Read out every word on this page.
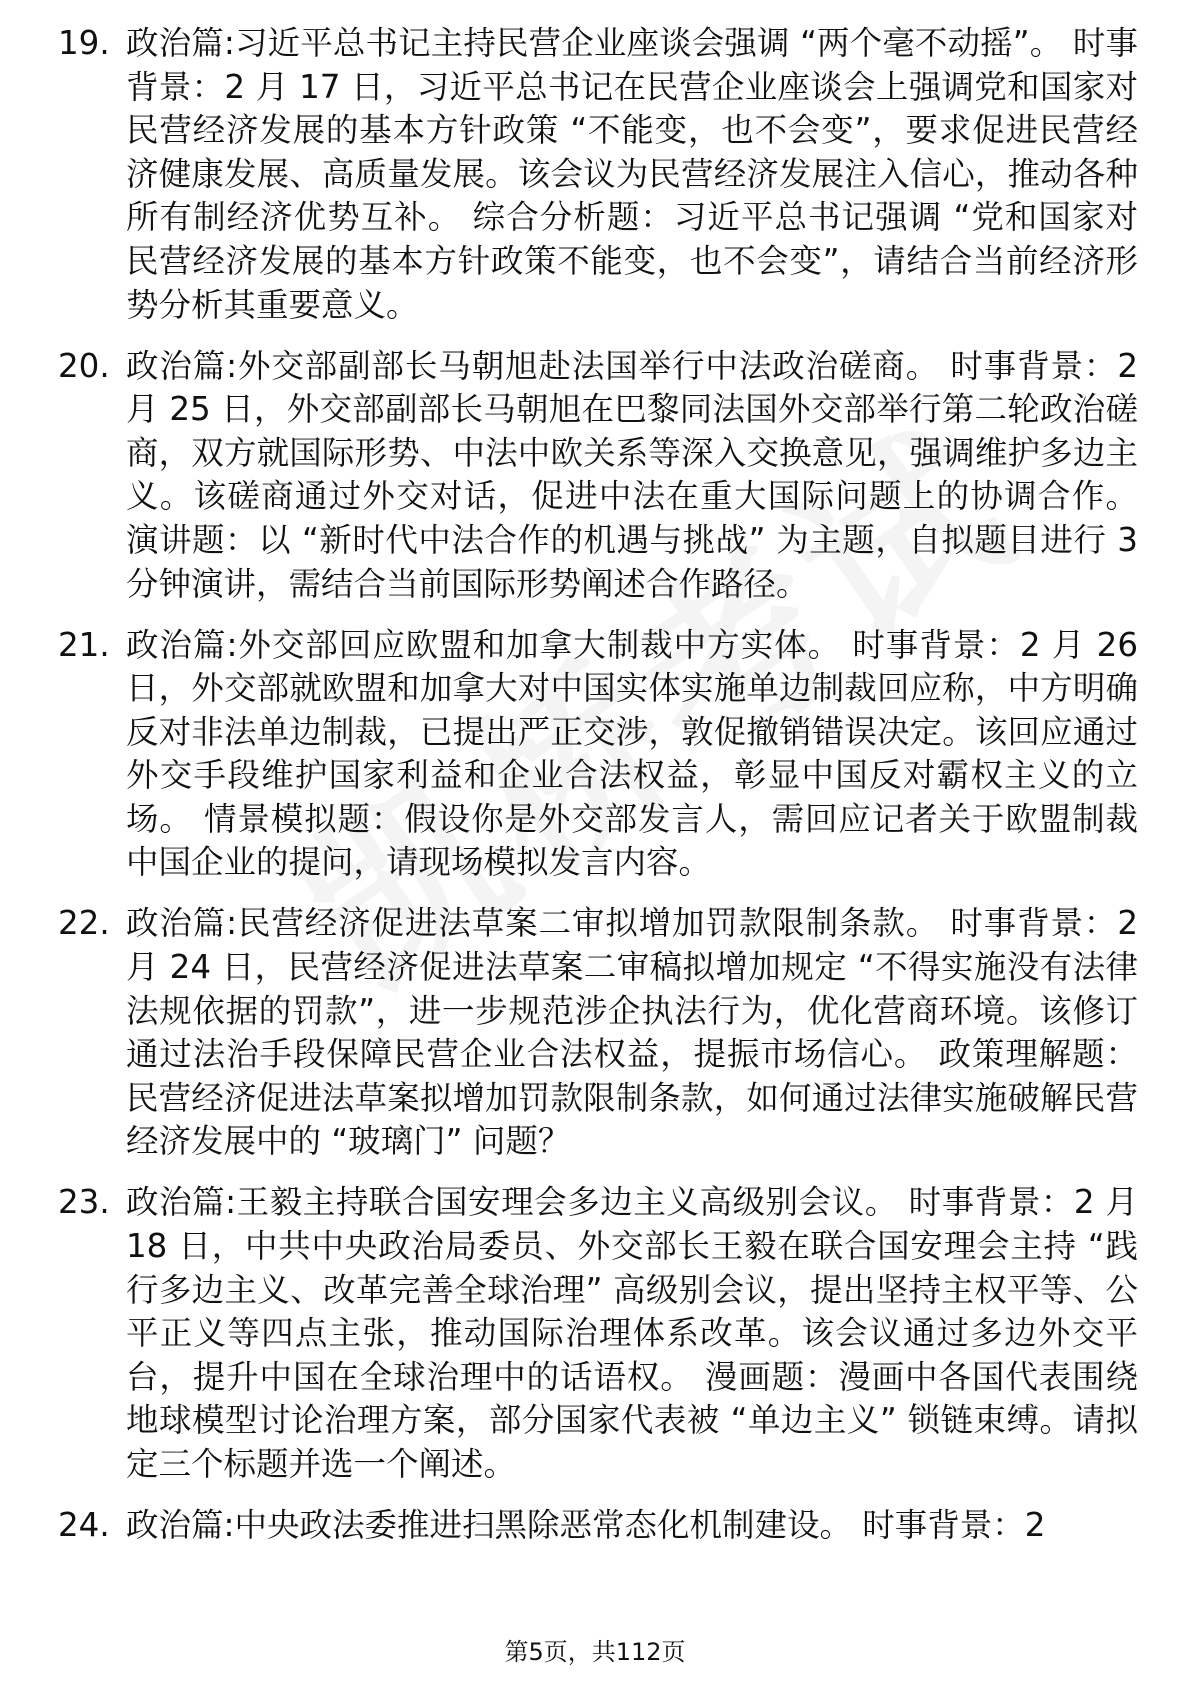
19. 政治篇:习近平总书记主持民营企业座谈会强调 “两个毫不动摇”。 时事背景：2 月 17 日，习近平总书记在民营企业座谈会上强调党和国家对民营经济发展的基本方针政策 “不能变，也不会变”，要求促进民营经济健康发展、高质量发展。该会议为民营经济发展注入信心，推动各种所有制经济优势互补。 综合分析题：习近平总书记强调 “党和国家对民营经济发展的基本方针政策不能变，也不会变”，请结合当前经济形势分析其重要意义。
20. 政治篇:外交部副部长马朝旭赴法国举行中法政治磋商。 时事背景：2 月 25 日，外交部副部长马朝旭在巴黎同法国外交部举行第二轮政治磋商，双方就国际形势、中法中欧关系等深入交换意见，强调维护多边主义。该磋商通过外交对话，促进中法在重大国际问题上的协调合作。 演讲题：以 “新时代中法合作的机遇与挑战” 为主题，自拟题目进行 3 分钟演讲，需结合当前国际形势阐述合作路径。
21. 政治篇:外交部回应欧盟和加拿大制裁中方实体。 时事背景：2 月 26 日，外交部就欧盟和加拿大对中国实体实施单边制裁回应称，中方明确反对非法单边制裁，已提出严正交涉，敦促撤销错误决定。该回应通过外交手段维护国家利益和企业合法权益，彰显中国反对霸权主义的立场。 情景模拟题：假设你是外交部发言人，需回应记者关于欧盟制裁中国企业的提问，请现场模拟发言内容。
22. 政治篇:民营经济促进法草案二审拟增加罚款限制条款。 时事背景：2 月 24 日，民营经济促进法草案二审稿拟增加规定 “不得实施没有法律法规依据的罚款”，进一步规范涉企执法行为，优化营商环境。该修订通过法治手段保障民营企业合法权益，提振市场信心。 政策理解题：民营经济促进法草案拟增加罚款限制条款，如何通过法律实施破解民营经济发展中的 “玻璃门” 问题？
23. 政治篇:王毅主持联合国安理会多边主义高级别会议。 时事背景：2 月 18 日，中共中央政治局委员、外交部长王毅在联合国安理会主持 “践行多边主义、改革完善全球治理” 高级别会议，提出坚持主权平等、公平正义等四点主张，推动国际治理体系改革。该会议通过多边外交平台，提升中国在全球治理中的话语权。 漫画题：漫画中各国代表围绕地球模型讨论治理方案，部分国家代表被 “单边主义” 锁链束缚。请拟定三个标题并选一个阐述。
24. 政治篇:中央政法委推进扫黑除恶常态化机制建设。 时事背景：2
第5页，共112页
